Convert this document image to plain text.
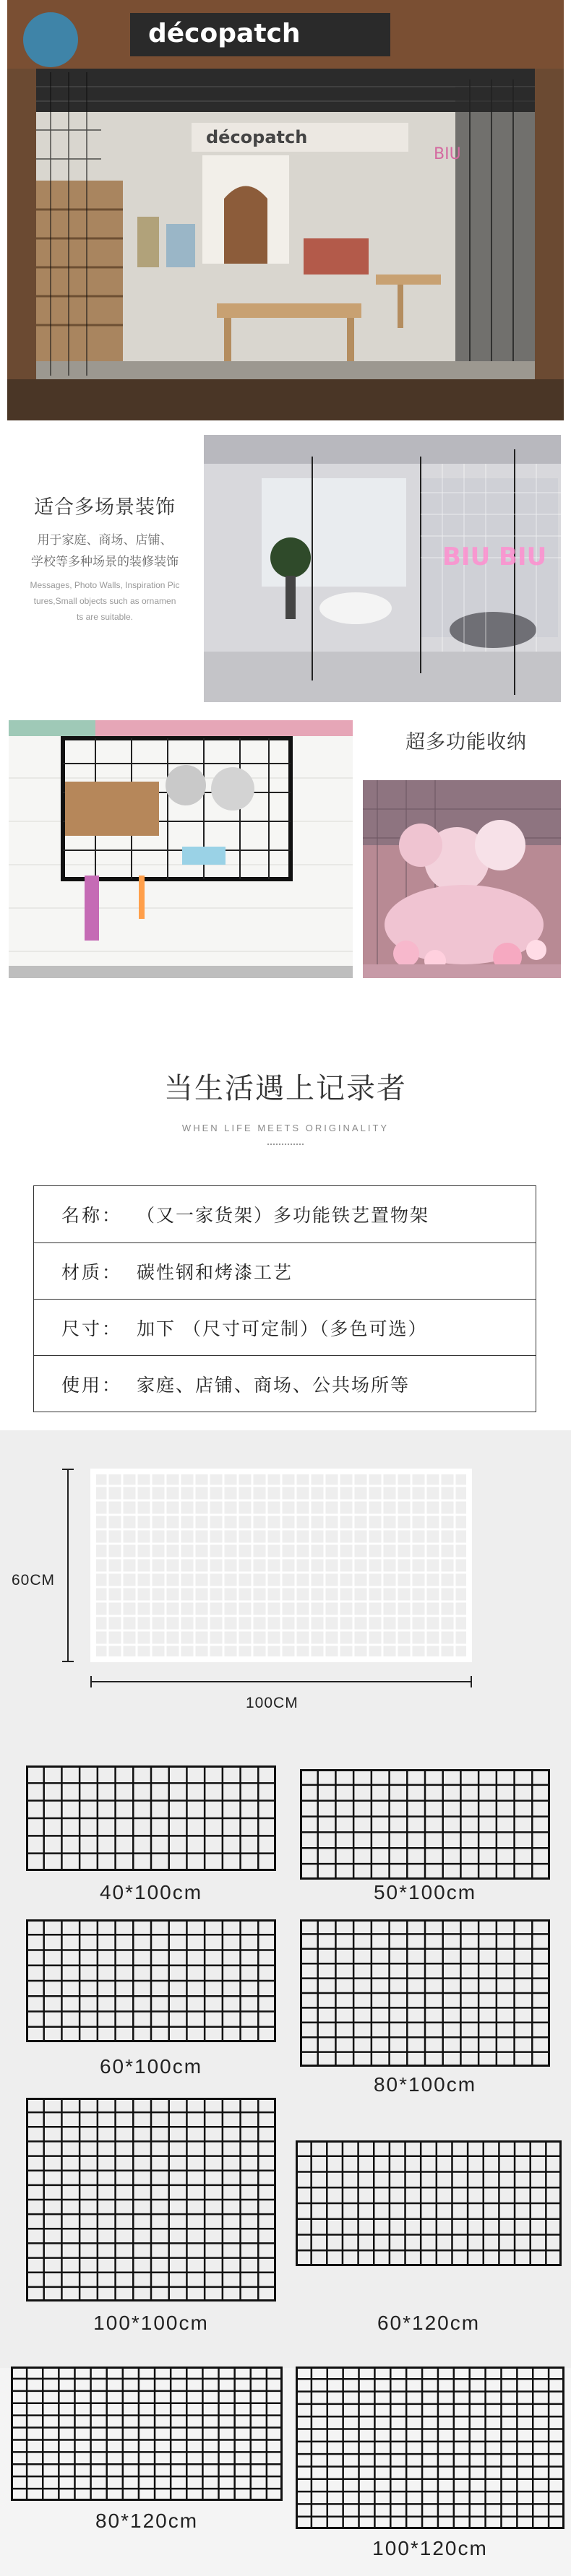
décopatch
décopatch
BIU
适合多场景装饰
用于家庭、商场、店铺、
学校等多种场景的装修装饰
Messages, Photo Walls, Inspiration Pic
tures,Small objects such as ornamen
ts are suitable.
BIU BIU
超多功能收纳
当生活遇上记录者
WHEN LIFE MEETS ORIGINALITY
名称： （又一家货架）多功能铁艺置物架
材质： 碳性钢和烤漆工艺
尺寸： 加下 （尺寸可定制）（多色可选）
使用： 家庭、店铺、商场、公共场所等
60CM
100CM
40*100cm	50*100cm
60*100cm
80*100cm
100*100cm	60*120cm
80*120cm
100*120cm
